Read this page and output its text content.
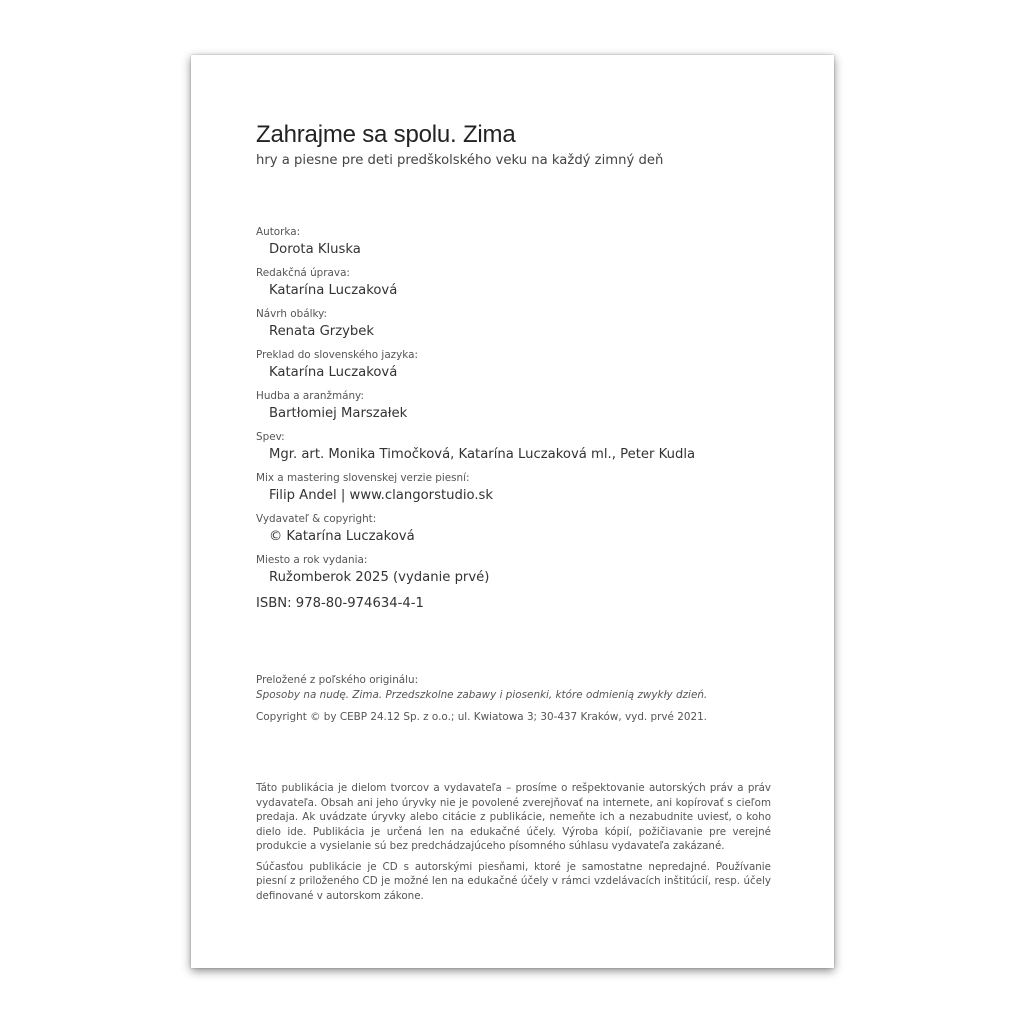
Zahrajme sa spolu. Zima
hry a piesne pre deti predškolského veku na každý zimný deň
Autorka:
Dorota Kluska
Redakčná úprava:
Katarína Luczaková
Návrh obálky:
Renata Grzybek
Preklad do slovenského jazyka:
Katarína Luczaková
Hudba a aranžmány:
Bartłomiej Marszałek
Spev:
Mgr. art. Monika Timočková, Katarína Luczaková ml., Peter Kudla
Mix a mastering slovenskej verzie piesní:
Filip Andel | www.clangorstudio.sk
Vydavateľ & copyright:
© Katarína Luczaková
Miesto a rok vydania:
Ružomberok 2025 (vydanie prvé)
ISBN: 978-80-974634-4-1
Preložené z poľského originálu:
Sposoby na nudę. Zima. Przedszkolne zabawy i piosenki, które odmienią zwykły dzień.
Copyright © by CEBP 24.12 Sp. z o.o.; ul. Kwiatowa 3; 30-437 Kraków, vyd. prvé 2021.

Táto publikácia je dielom tvorcov a vydavateľa – prosíme o rešpektovanie autorských práv a práv vydavateľa. Obsah ani jeho úryvky nie je povolené zverejňovať na internete, ani kopírovať s cieľom predaja. Ak uvádzate úryvky alebo citácie z publikácie, nemeňte ich a nezabudnite uviesť, o koho dielo ide. Publikácia je určená len na edukačné účely. Výroba kópií, požičiavanie pre verejné produkcie a vysielanie sú bez predchádzajúceho písomného súhlasu vydavateľa zakázané.

Súčasťou publikácie je CD s autorskými piesňami, ktoré je samostatne nepredajné. Používanie piesní z priloženého CD je možné len na edukačné účely v rámci vzdelávacích inštitúcií, resp. účely definované v autorskom zákone.
